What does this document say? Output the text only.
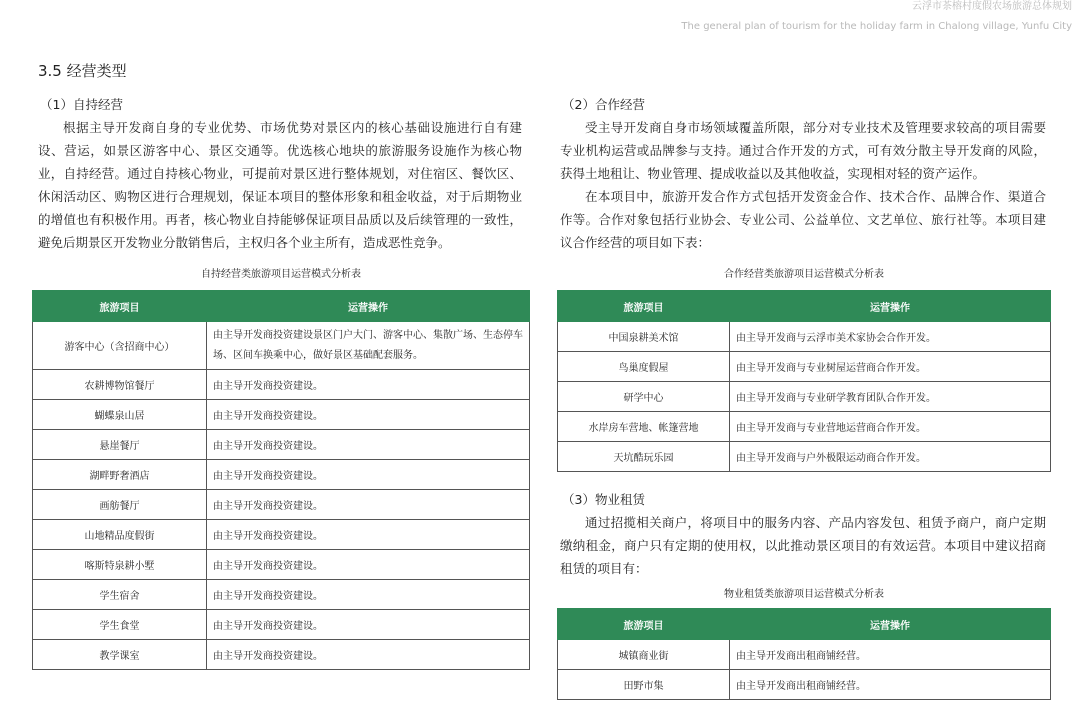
云浮市茶榕村度假农场旅游总体规划
The general plan of tourism for the holiday farm in Chalong village, Yunfu City
3.5 经营类型
（1）自持经营
根据主导开发商自身的专业优势、市场优势对景区内的核心基础设施进行自有建设、营运，如景区游客中心、景区交通等。优选核心地块的旅游服务设施作为核心物业，自持经营。通过自持核心物业，可提前对景区进行整体规划，对住宿区、餐饮区、休闲活动区、购物区进行合理规划，保证本项目的整体形象和租金收益，对于后期物业的增值也有积极作用。再者，核心物业自持能够保证项目品质以及后续管理的一致性，避免后期景区开发物业分散销售后，主权归各个业主所有，造成恶性竞争。
自持经营类旅游项目运营模式分析表
旅游项目	运营操作
游客中心（含招商中心）	由主导开发商投资建设景区门户大门、游客中心、集散广场、生态停车场、区间车换乘中心，做好景区基础配套服务。
农耕博物馆餐厅	由主导开发商投资建设。
蝴蝶泉山居	由主导开发商投资建设。
悬崖餐厅	由主导开发商投资建设。
湖畔野奢酒店	由主导开发商投资建设。
画舫餐厅	由主导开发商投资建设。
山地精品度假街	由主导开发商投资建设。
喀斯特泉耕小墅	由主导开发商投资建设。
学生宿舍	由主导开发商投资建设。
学生食堂	由主导开发商投资建设。
教学课室	由主导开发商投资建设。
（2）合作经营
受主导开发商自身市场领域覆盖所限，部分对专业技术及管理要求较高的项目需要专业机构运营或品牌参与支持。通过合作开发的方式，可有效分散主导开发商的风险，获得土地租让、物业管理、提成收益以及其他收益，实现相对轻的资产运作。
在本项目中，旅游开发合作方式包括开发资金合作、技术合作、品牌合作、渠道合作等。合作对象包括行业协会、专业公司、公益单位、文艺单位、旅行社等。本项目建议合作经营的项目如下表：
合作经营类旅游项目运营模式分析表
旅游项目	运营操作
中国泉耕美术馆	由主导开发商与云浮市美术家协会合作开发。
鸟巢度假屋	由主导开发商与专业树屋运营商合作开发。
研学中心	由主导开发商与专业研学教育团队合作开发。
水岸房车营地、帐篷营地	由主导开发商与专业营地运营商合作开发。
天坑酷玩乐园	由主导开发商与户外极限运动商合作开发。
（3）物业租赁
通过招揽相关商户，将项目中的服务内容、产品内容发包、租赁予商户，商户定期缴纳租金，商户只有定期的使用权，以此推动景区项目的有效运营。本项目中建议招商租赁的项目有：
物业租赁类旅游项目运营模式分析表
旅游项目	运营操作
城镇商业街	由主导开发商出租商铺经营。
田野市集	由主导开发商出租商铺经营。
